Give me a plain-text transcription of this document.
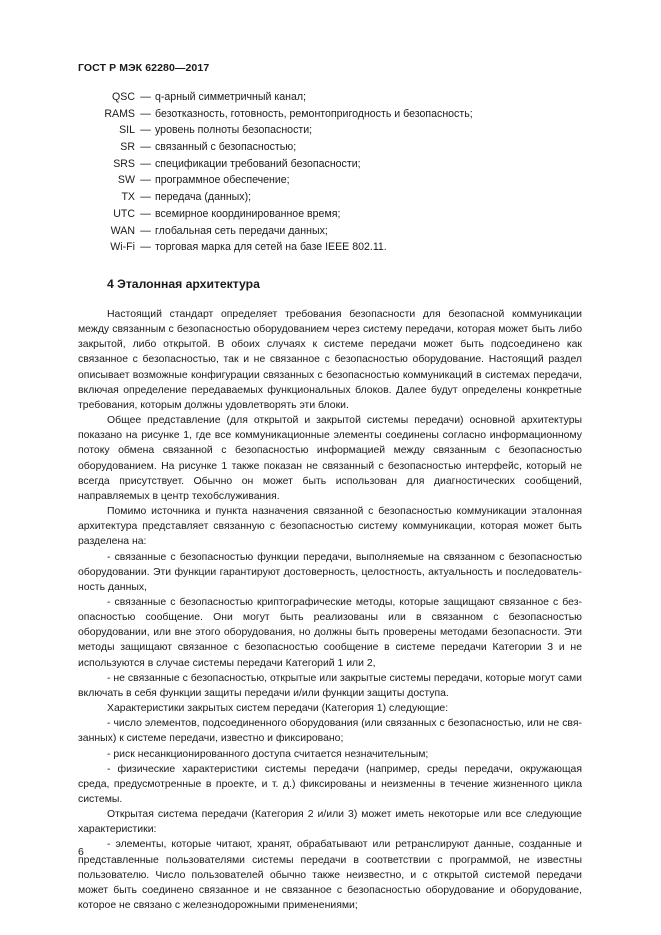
ГОСТ Р МЭК 62280—2017
QSC — q-арный симметричный канал;
RAMS — безотказность, готовность, ремонтопригодность и безопасность;
SIL — уровень полноты безопасности;
SR — связанный с безопасностью;
SRS — спецификации требований безопасности;
SW — программное обеспечение;
TX — передача (данных);
UTC — всемирное координированное время;
WAN — глобальная сеть передачи данных;
Wi-Fi — торговая марка для сетей на базе IEEE 802.11.
4 Эталонная архитектура

Настоящий стандарт определяет требования безопасности для безопасной коммуникации между связанным с безопасностью оборудованием через систему передачи, которая может быть либо закрытой, либо открытой. В обоих случаях к системе передачи может быть подсоединено как связанное с безопасностью, так и не связанное с безопасностью оборудование. Настоящий раздел описывает возможные конфигурации связанных с безопасностью коммуникаций в системах передачи, включая определение передаваемых функциональных блоков. Далее будут определены конкретные требования, которым должны удовлетворять эти блоки.

Общее представление (для открытой и закрытой системы передачи) основной архитектуры показано на рисунке 1, где все коммуникационные элементы соединены согласно информационному потоку обмена связанной с безопасностью информацией между связанным с безопасностью оборудованием. На рисунке 1 также показан не связанный с безопасностью интерфейс, который не всегда присутствует. Обычно он может быть использован для диагностических сообщений, направляемых в центр техобслуживания.

Помимо источника и пункта назначения связанной с безопасностью коммуникации эталонная архитектура представляет связанную с безопасностью систему коммуникации, которая может быть разделена на:

- связанные с безопасностью функции передачи, выполняемые на связанном с безопасностью оборудовании. Эти функции гарантируют достоверность, целостность, актуальность и последовательность данных,

- связанные с безопасностью криптографические методы, которые защищают связанное с безопасностью сообщение. Они могут быть реализованы или в связанном с безопасностью оборудовании, или вне этого оборудования, но должны быть проверены методами безопасности. Эти методы защищают связанное с безопасностью сообщение в системе передачи Категории 3 и не используются в случае системы передачи Категорий 1 или 2,

- не связанные с безопасностью, открытые или закрытые системы передачи, которые могут сами включать в себя функции защиты передачи и/или функции защиты доступа.

Характеристики закрытых систем передачи (Категория 1) следующие:

- число элементов, подсоединенного оборудования (или связанных с безопасностью, или не связанных) к системе передачи, известно и фиксировано;

- риск несанкционированного доступа считается незначительным;

- физические характеристики системы передачи (например, среды передачи, окружающая среда, предусмотренные в проекте, и т. д.) фиксированы и неизменны в течение жизненного цикла системы.

Открытая система передачи (Категория 2 и/или 3) может иметь некоторые или все следующие характеристики:

- элементы, которые читают, хранят, обрабатывают или ретранслируют данные, созданные и представленные пользователями системы передачи в соответствии с программой, не известны пользователю. Число пользователей обычно также неизвестно, и с открытой системой передачи может быть соединено связанное и не связанное с безопасностью оборудование и оборудование, которое не связано с железнодорожными применениями;

6
